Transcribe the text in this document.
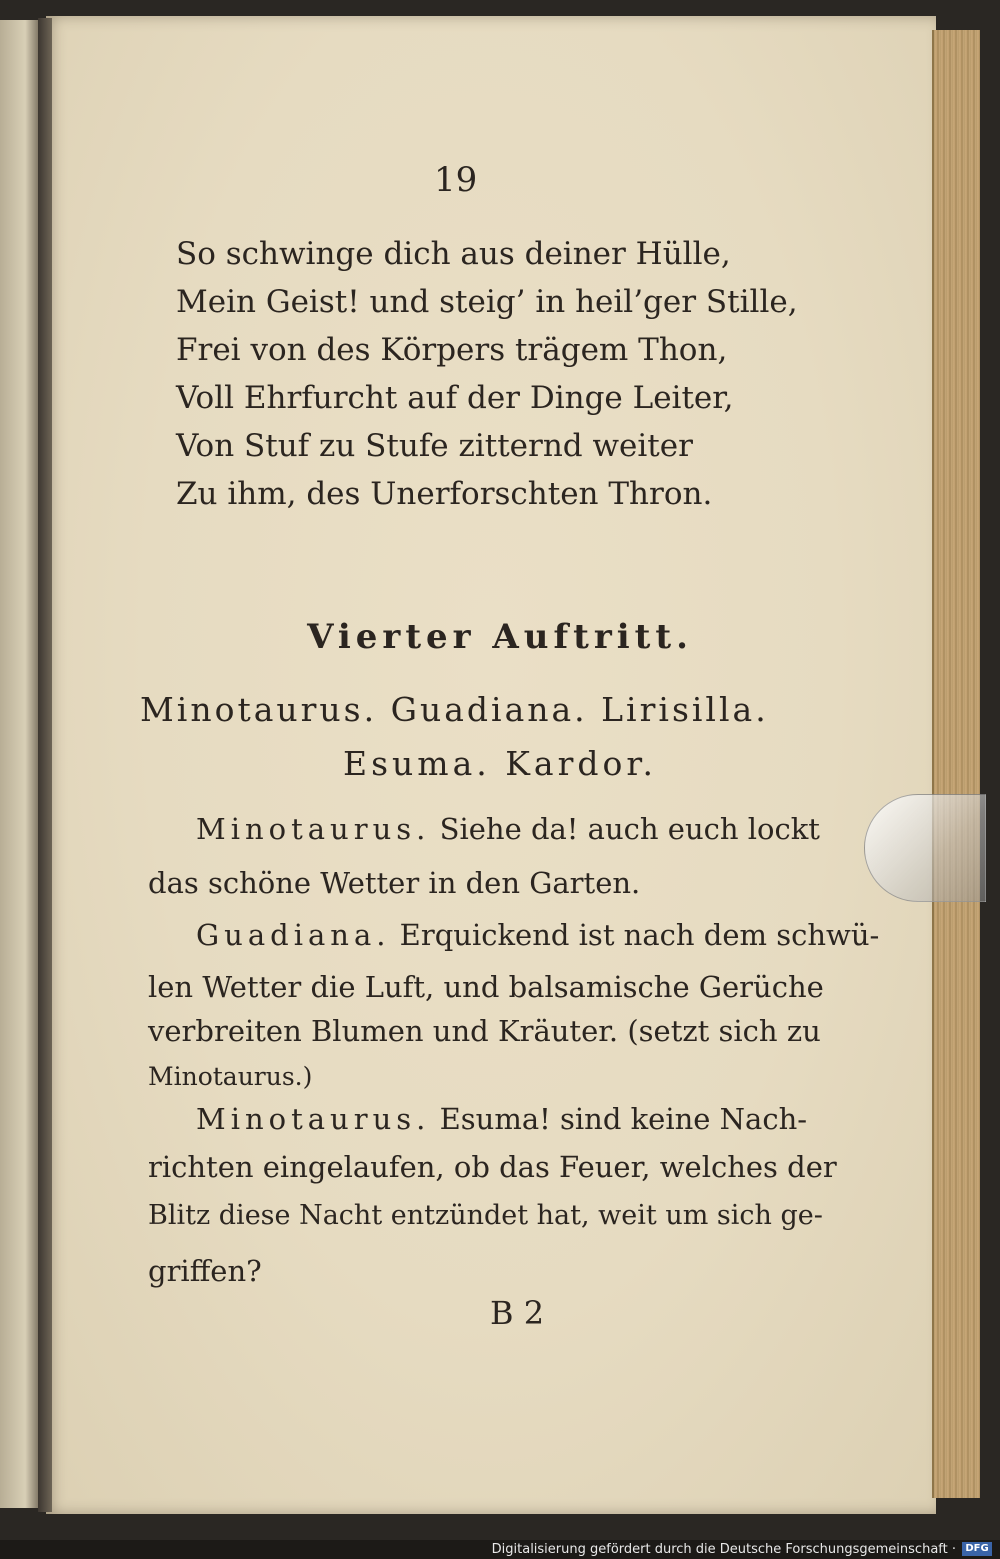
19
So schwinge dich aus deiner Hülle,
Mein Geist! und steig’ in heil’ger Stille,
Frei von des Körpers trägem Thon,
Voll Ehrfurcht auf der Dinge Leiter,
Von Stuf zu Stufe zitternd weiter
Zu ihm, des Unerforschten Thron.
Vierter Auftritt.
Minotaurus. Guadiana. Lirisilla.
Esuma. Kardor.
Minotaurus. Siehe da! auch euch lockt
das schöne Wetter in den Garten.
Guadiana. Erquickend ist nach dem schwü-
len Wetter die Luft, und balsamische Gerüche
verbreiten Blumen und Kräuter. (setzt sich zu
Minotaurus.)
Minotaurus. Esuma! sind keine Nach-
richten eingelaufen, ob das Feuer, welches der
Blitz diese Nacht entzündet hat, weit um sich ge-
griffen?
B 2
Digitalisierung gefördert durch die Deutsche Forschungsgemeinschaft · DFG
